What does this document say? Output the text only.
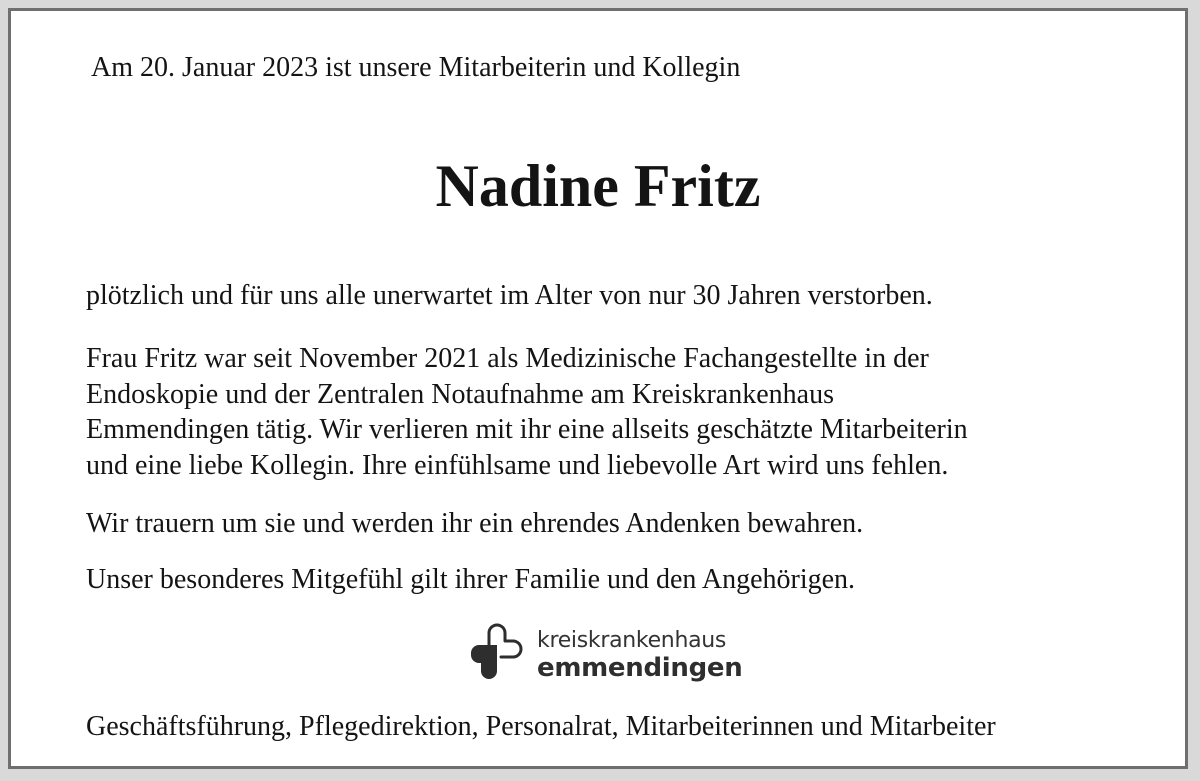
Am 20. Januar 2023 ist unsere Mitarbeiterin und Kollegin

Nadine Fritz

plötzlich und für uns alle unerwartet im Alter von nur 30 Jahren verstorben.

Frau Fritz war seit November 2021 als Medizinische Fachangestellte in der
Endoskopie und der Zentralen Notaufnahme am Kreiskrankenhaus
Emmendingen tätig. Wir verlieren mit ihr eine allseits geschätzte Mitarbeiterin
und eine liebe Kollegin. Ihre einfühlsame und liebevolle Art wird uns fehlen.

Wir trauern um sie und werden ihr ein ehrendes Andenken bewahren.

Unser besonderes Mitgefühl gilt ihrer Familie und den Angehörigen.

kreiskrankenhaus
emmendingen

Geschäftsführung, Pflegedirektion, Personalrat, Mitarbeiterinnen und Mitarbeiter
